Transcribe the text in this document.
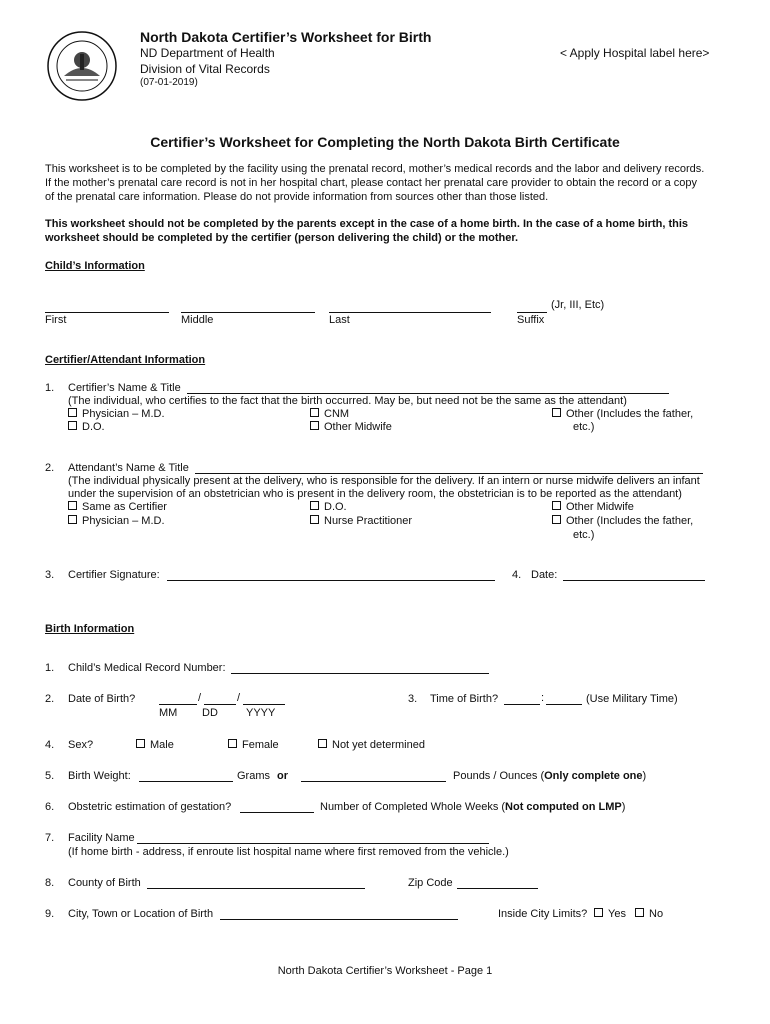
North Dakota Certifier’s Worksheet for Birth
ND Department of Health
Division of Vital Records
(07-01-2019)
< Apply Hospital label here>
Certifier’s Worksheet for Completing the North Dakota Birth Certificate
This worksheet is to be completed by the facility using the prenatal record, mother’s medical records and the labor and delivery records.
If the mother’s prenatal care record is not in her hospital chart, please contact her prenatal care provider to obtain the record or a copy
of the prenatal care information. Please do not provide information from sources other than those listed.
This worksheet should not be completed by the parents except in the case of a home birth. In the case of a home birth, this
worksheet should be completed by the certifier (person delivering the child) or the mother.
Child’s Information
(Jr, III, Etc)
First	Middle	Last	Suffix
Certifier/Attendant Information
1. Certifier’s Name & Title
(The individual, who certifies to the fact that the birth occurred. May be, but need not be the same as the attendant)
Physician – M.D.	CNM	Other (Includes the father,
D.O.	Other Midwife	etc.)
2. Attendant’s Name & Title
(The individual physically present at the delivery, who is responsible for the delivery. If an intern or nurse midwife delivers an infant
under the supervision of an obstetrician who is present in the delivery room, the obstetrician is to be reported as the attendant)
Same as Certifier	D.O.	Other Midwife
Physician – M.D.	Nurse Practitioner	Other (Includes the father,
etc.)
3. Certifier Signature:	4. Date:
Birth Information
1. Child’s Medical Record Number:
2. Date of Birth?	/	/
MM DD	YYYY
3. Time of Birth?	:	(Use Military Time)
4. Sex?	Male	Female	Not yet determined
5. Birth Weight:	Grams or	Pounds / Ounces (Only complete one)
6. Obstetric estimation of gestation?	Number of Completed Whole Weeks (Not computed on LMP)
7. Facility Name
(If home birth - address, if enroute list hospital name where first removed from the vehicle.)
8. County of Birth	Zip Code
9. City, Town or Location of Birth	Inside City Limits?	Yes	No
North Dakota Certifier’s Worksheet - Page 1
